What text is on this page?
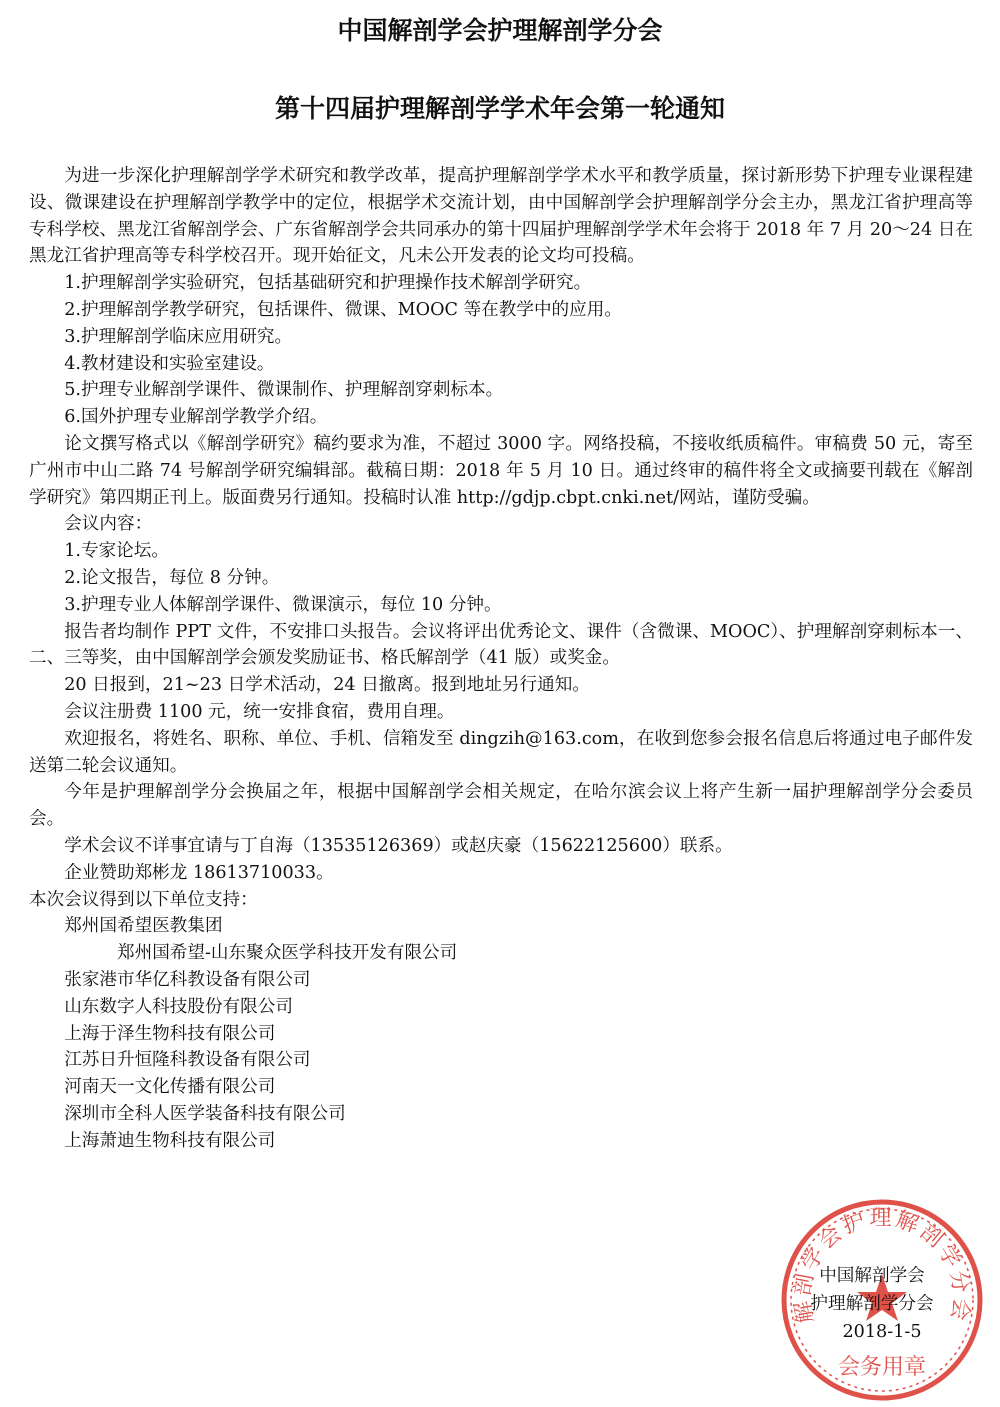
中国解剖学会护理解剖学分会
第十四届护理解剖学学术年会第一轮通知

为进一步深化护理解剖学学术研究和教学改革，提高护理解剖学学术水平和教学质量，探讨新形势下护理专业课程建设、微课建设在护理解剖学教学中的定位，根据学术交流计划，由中国解剖学会护理解剖学分会主办，黑龙江省护理高等专科学校、黑龙江省解剖学会、广东省解剖学会共同承办的第十四届护理解剖学学术年会将于 2018 年 7 月 20～24 日在黑龙江省护理高等专科学校召开。现开始征文，凡未公开发表的论文均可投稿。

1.护理解剖学实验研究，包括基础研究和护理操作技术解剖学研究。

2.护理解剖学教学研究，包括课件、微课、MOOC 等在教学中的应用。

3.护理解剖学临床应用研究。

4.教材建设和实验室建设。

5.护理专业解剖学课件、微课制作、护理解剖穿刺标本。

6.国外护理专业解剖学教学介绍。

论文撰写格式以《解剖学研究》稿约要求为准，不超过 3000 字。网络投稿，不接收纸质稿件。审稿费 50 元，寄至广州市中山二路 74 号解剖学研究编辑部。截稿日期：2018 年 5 月 10 日。通过终审的稿件将全文或摘要刊载在《解剖学研究》第四期正刊上。版面费另行通知。投稿时认准 http://gdjp.cbpt.cnki.net/网站，谨防受骗。

会议内容：

1.专家论坛。

2.论文报告，每位 8 分钟。

3.护理专业人体解剖学课件、微课演示，每位 10 分钟。

报告者均制作 PPT 文件，不安排口头报告。会议将评出优秀论文、课件（含微课、MOOC）、护理解剖穿刺标本一、二、三等奖，由中国解剖学会颁发奖励证书、格氏解剖学（41 版）或奖金。

20 日报到，21~23 日学术活动，24 日撤离。报到地址另行通知。

会议注册费 1100 元，统一安排食宿，费用自理。

欢迎报名，将姓名、职称、单位、手机、信箱发至 dingzih@163.com，在收到您参会报名信息后将通过电子邮件发送第二轮会议通知。

今年是护理解剖学分会换届之年，根据中国解剖学会相关规定，在哈尔滨会议上将产生新一届护理解剖学分会委员会。

学术会议不详事宜请与丁自海（13535126369）或赵庆豪（15622125600）联系。

企业赞助郑彬龙 18613710033。

本次会议得到以下单位支持：

郑州国希望医教集团
郑州国希望-山东聚众医学科技开发有限公司
张家港市华亿科教设备有限公司
山东数字人科技股份有限公司
上海于泽生物科技有限公司
江苏日升恒隆科教设备有限公司
河南天一文化传播有限公司
深圳市全科人医学装备科技有限公司
上海萧迪生物科技有限公司
解剖学会护理解剖学分会
会务用章
中国解剖学会
护理解剖学分会
2018-1-5
